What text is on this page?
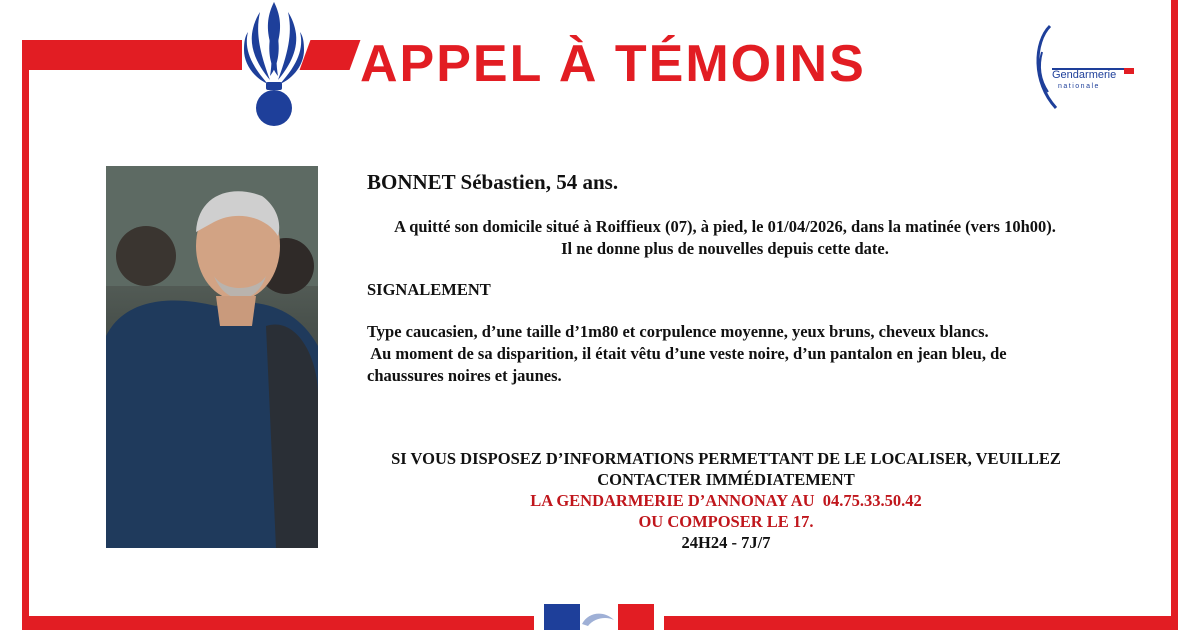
APPEL À TÉMOINS	Gendarmerie
nationale

BONNET Sébastien, 54 ans.

A quitté son domicile situé à Roiffieux (07), à pied, le 01/04/2026, dans la matinée (vers 10h00).
Il ne donne plus de nouvelles depuis cette date.
SIGNALEMENT
Type caucasien, d’une taille d’1m80 et corpulence moyenne, yeux bruns, cheveux blancs.
Au moment de sa disparition, il était vêtu d’une veste noire, d’un pantalon en jean bleu, de
chaussures noires et jaunes.
SI VOUS DISPOSEZ D’INFORMATIONS PERMETTANT DE LE LOCALISER, VEUILLEZ
CONTACTER IMMÉDIATEMENT
LA GENDARMERIE D’ANNONAY AU  04.75.33.50.42
OU COMPOSER LE 17.
24H24 - 7J/7
